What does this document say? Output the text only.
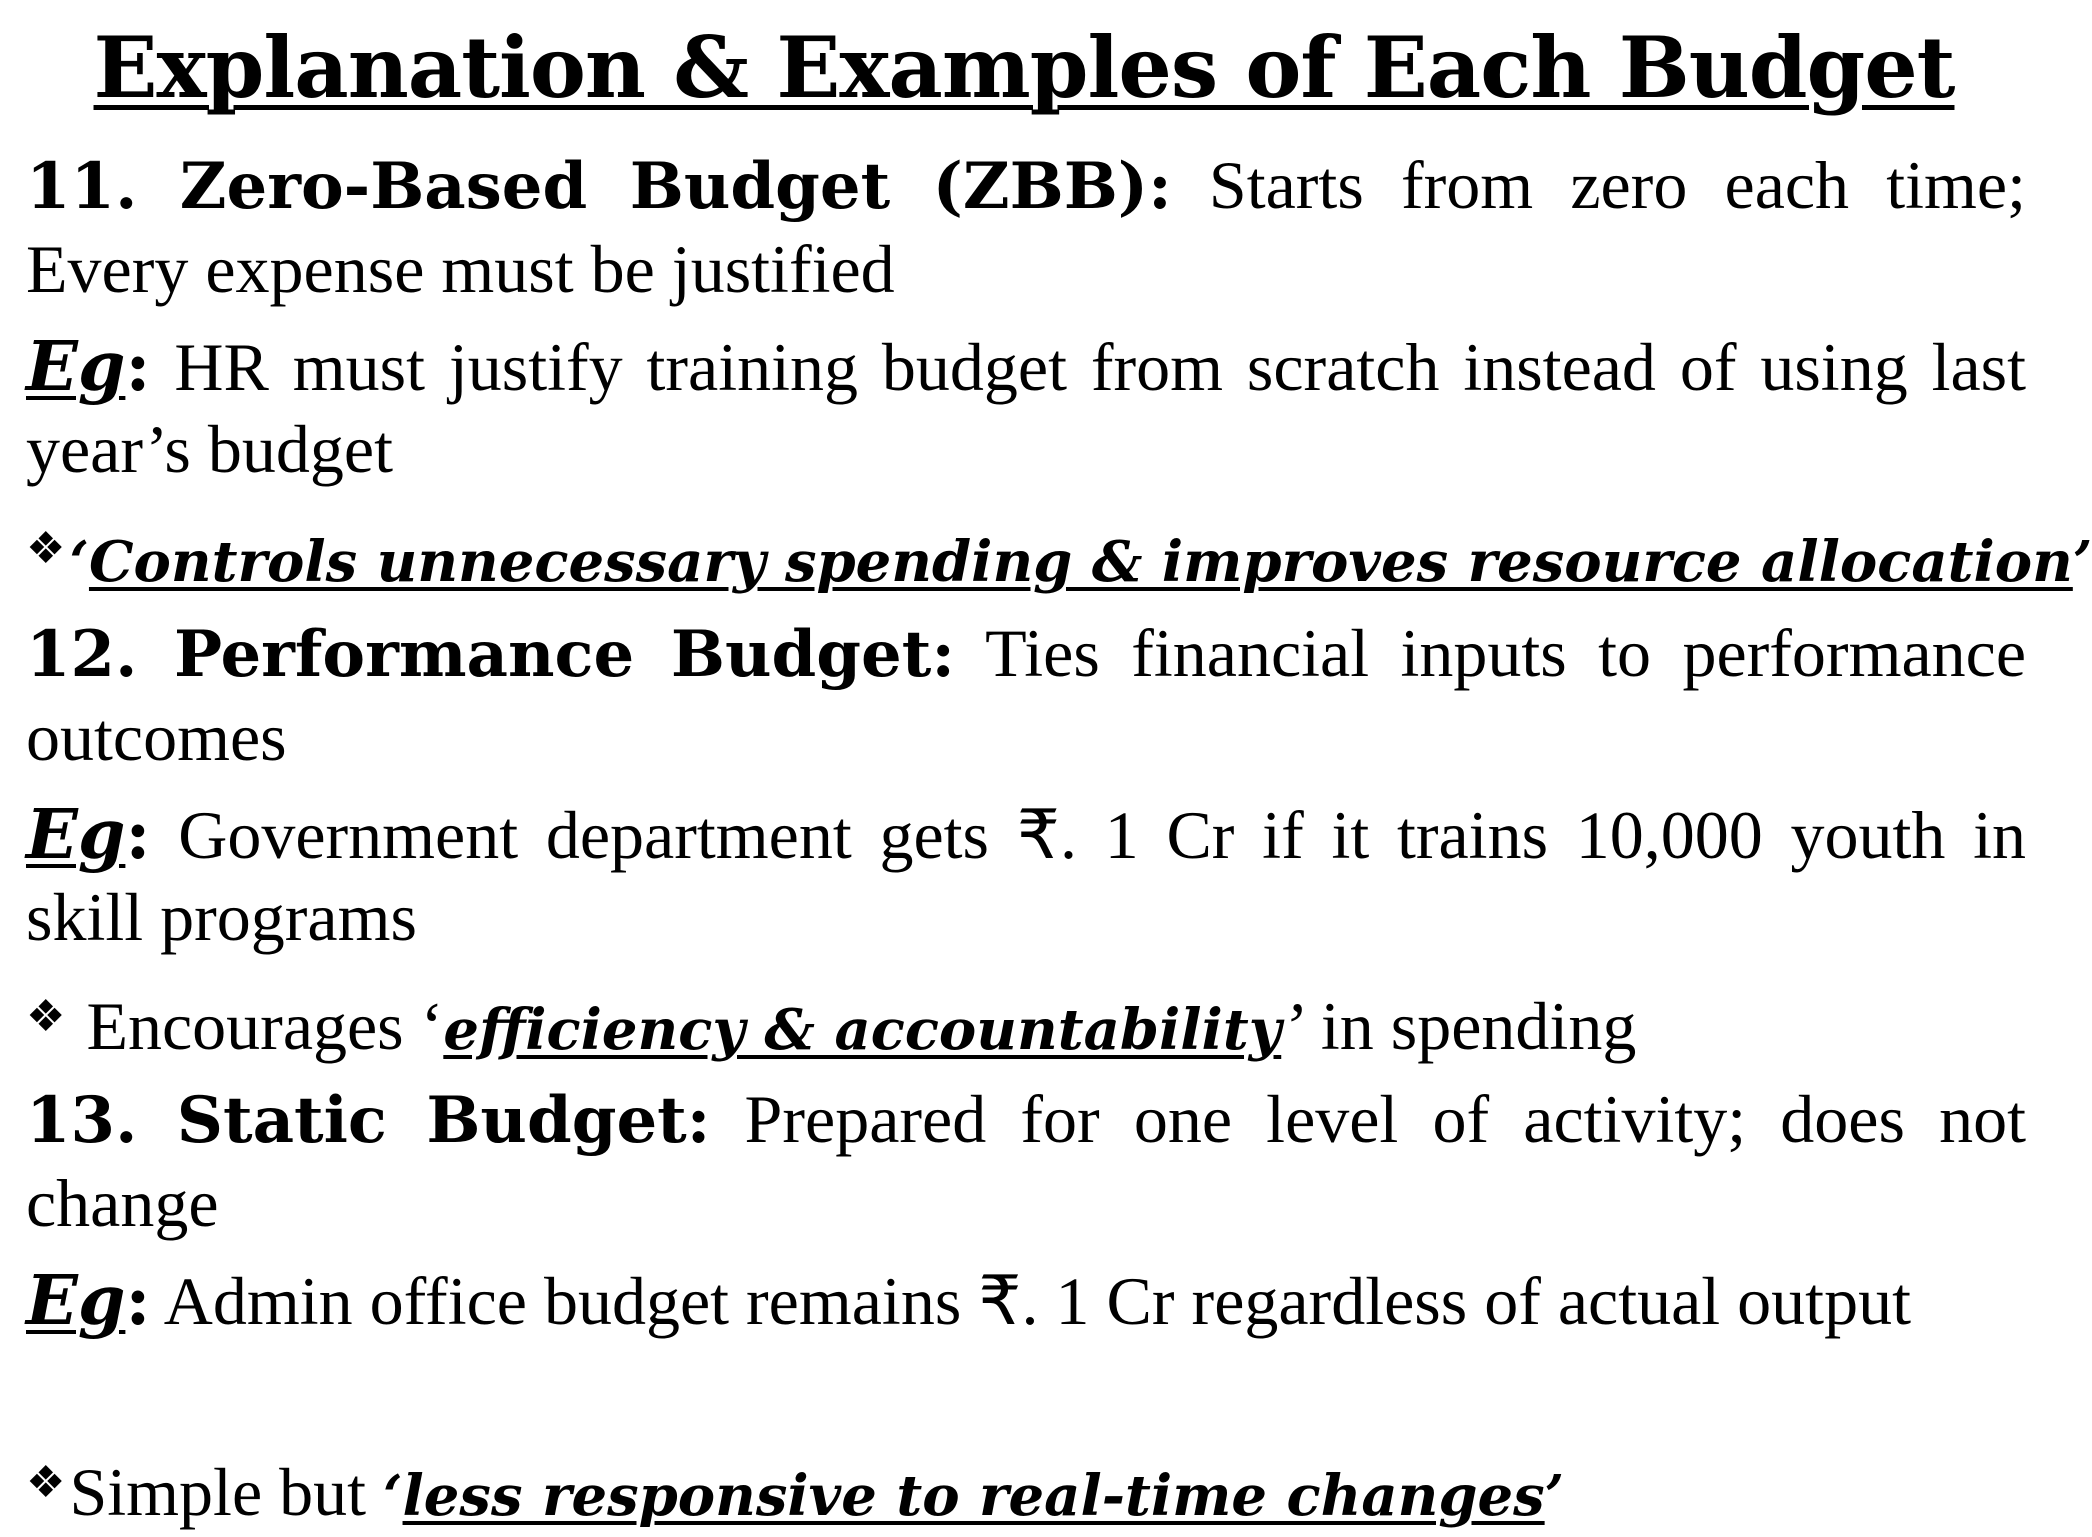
Explanation & Examples of Each Budget
11. Zero-Based Budget (ZBB): Starts from zero each time; Every expense must be justified
Eg: HR must justify training budget from scratch instead of using last year’s budget
❖‘Controls unnecessary spending & improves resource allocation’
12. Performance Budget: Ties financial inputs to performance outcomes
Eg: Government department gets ₹. 1 Cr if it trains 10,000 youth in skill programs
❖ Encourages ‘efficiency & accountability’ in spending
13. Static Budget: Prepared for one level of activity; does not change
Eg: Admin office budget remains ₹. 1 Cr regardless of actual output
❖Simple but ‘less responsive to real-time changes’
